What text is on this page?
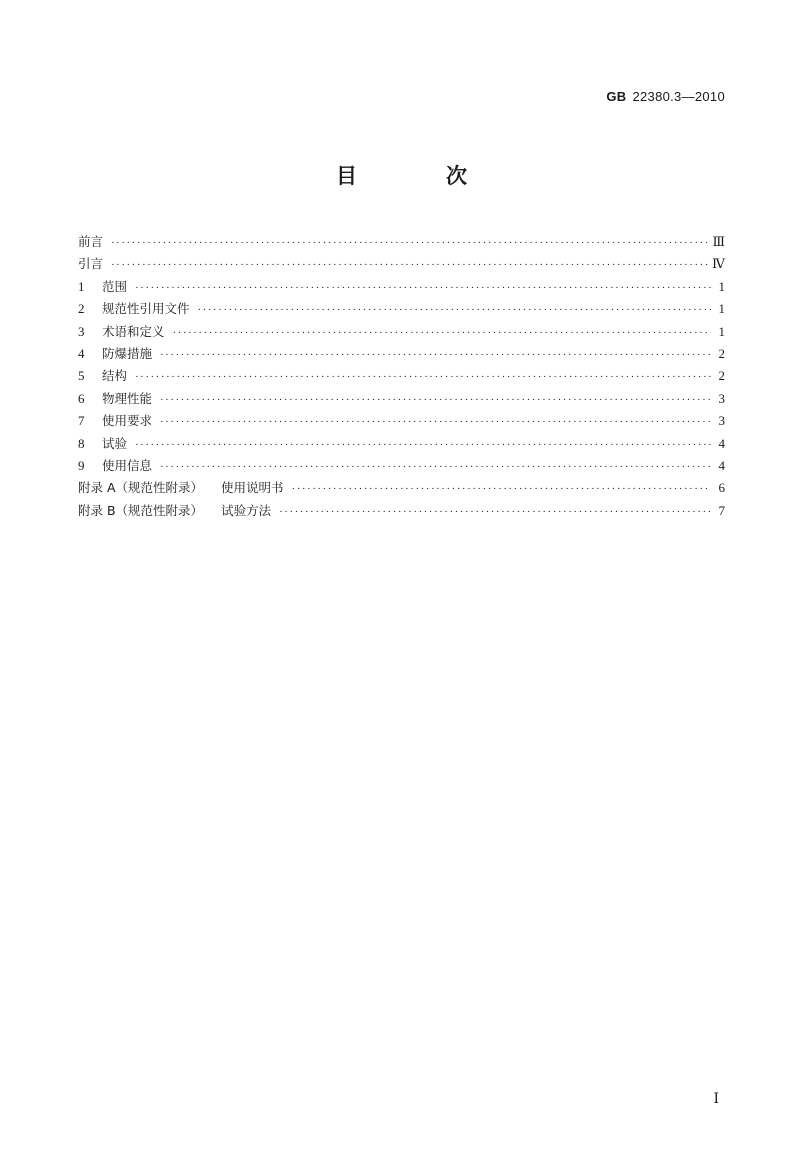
GB 22380.3—2010
目　次
前言 ·····	Ⅲ
引言 ·····	Ⅳ
1	范围 ·····	1
2	规范性引用文件 ·····	1
3	术语和定义 ·····	1
4	防爆措施 ·····	2
5	结构 ·····	2
6	物理性能 ·····	3
7	使用要求 ·····	3
8	试验 ·····	4
9	使用信息 ·····	4
附录 A（规范性附录） 使用说明书 ·····	6
附录 B（规范性附录） 试验方法 ·····	7
Ⅰ
